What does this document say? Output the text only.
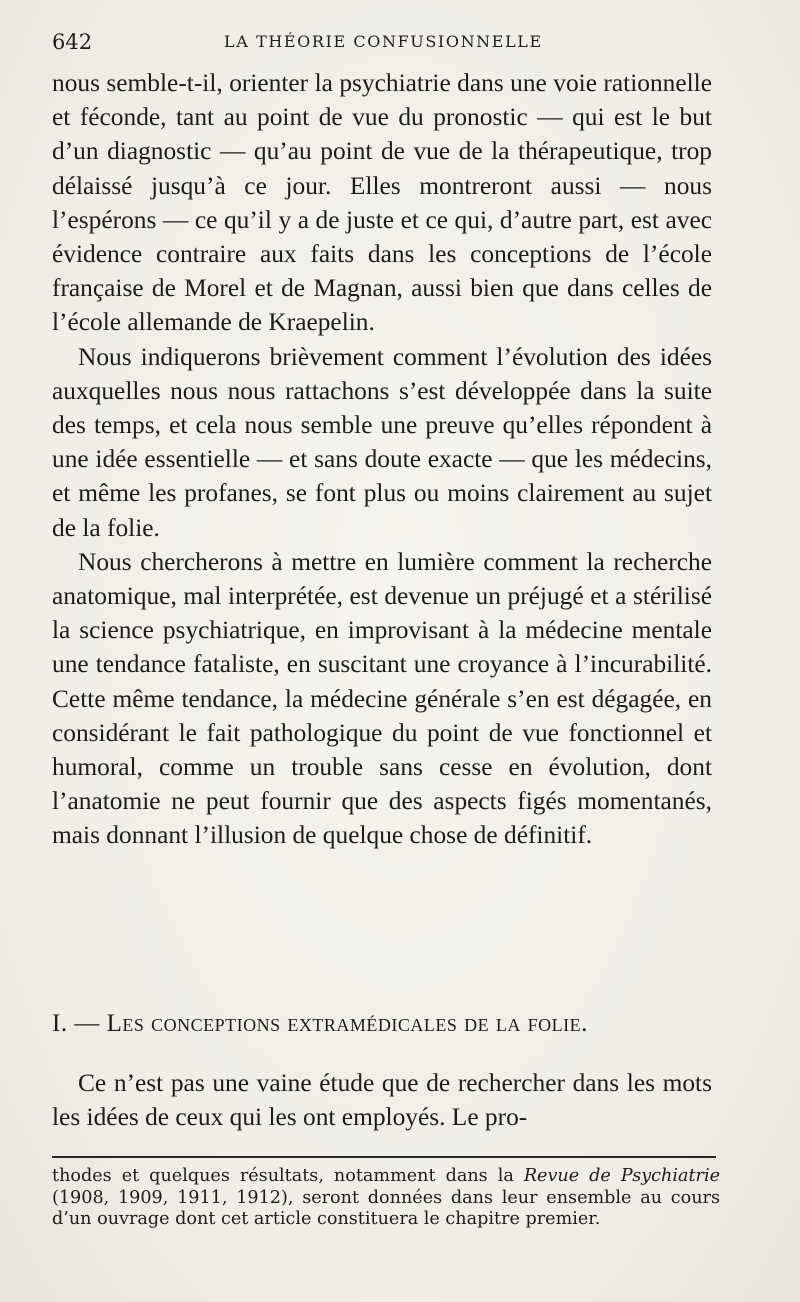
642	LA THÉORIE CONFUSIONNELLE

nous semble-t-il, orienter la psychiatrie dans une voie rationnelle et féconde, tant au point de vue du pronostic — qui est le but d’un diagnostic — qu’au point de vue de la thérapeutique, trop délaissé jusqu’à ce jour. Elles montreront aussi — nous l’espérons — ce qu’il y a de juste et ce qui, d’autre part, est avec évidence contraire aux faits dans les conceptions de l’école française de Morel et de Magnan, aussi bien que dans celles de l’école allemande de Kraepelin.

Nous indiquerons brièvement comment l’évolution des idées auxquelles nous nous rattachons s’est développée dans la suite des temps, et cela nous semble une preuve qu’elles répondent à une idée essentielle — et sans doute exacte — que les médecins, et même les profanes, se font plus ou moins clairement au sujet de la folie.

Nous chercherons à mettre en lumière comment la recherche anatomique, mal interprétée, est devenue un préjugé et a stérilisé la science psychiatrique, en improvisant à la médecine mentale une tendance fataliste, en suscitant une croyance à l’incurabilité. Cette même tendance, la médecine générale s’en est dégagée, en considérant le fait pathologique du point de vue fonctionnel et humoral, comme un trouble sans cesse en évolution, dont l’anatomie ne peut fournir que des aspects figés momentanés, mais donnant l’illusion de quelque chose de définitif.

I. — Les conceptions extramédicales de la folie.

Ce n’est pas une vaine étude que de rechercher dans les mots les idées de ceux qui les ont employés. Le pro-

thodes et quelques résultats, notamment dans la Revue de Psychiatrie (1908, 1909, 1911, 1912), seront données dans leur ensemble au cours d’un ouvrage dont cet article constituera le chapitre premier.
